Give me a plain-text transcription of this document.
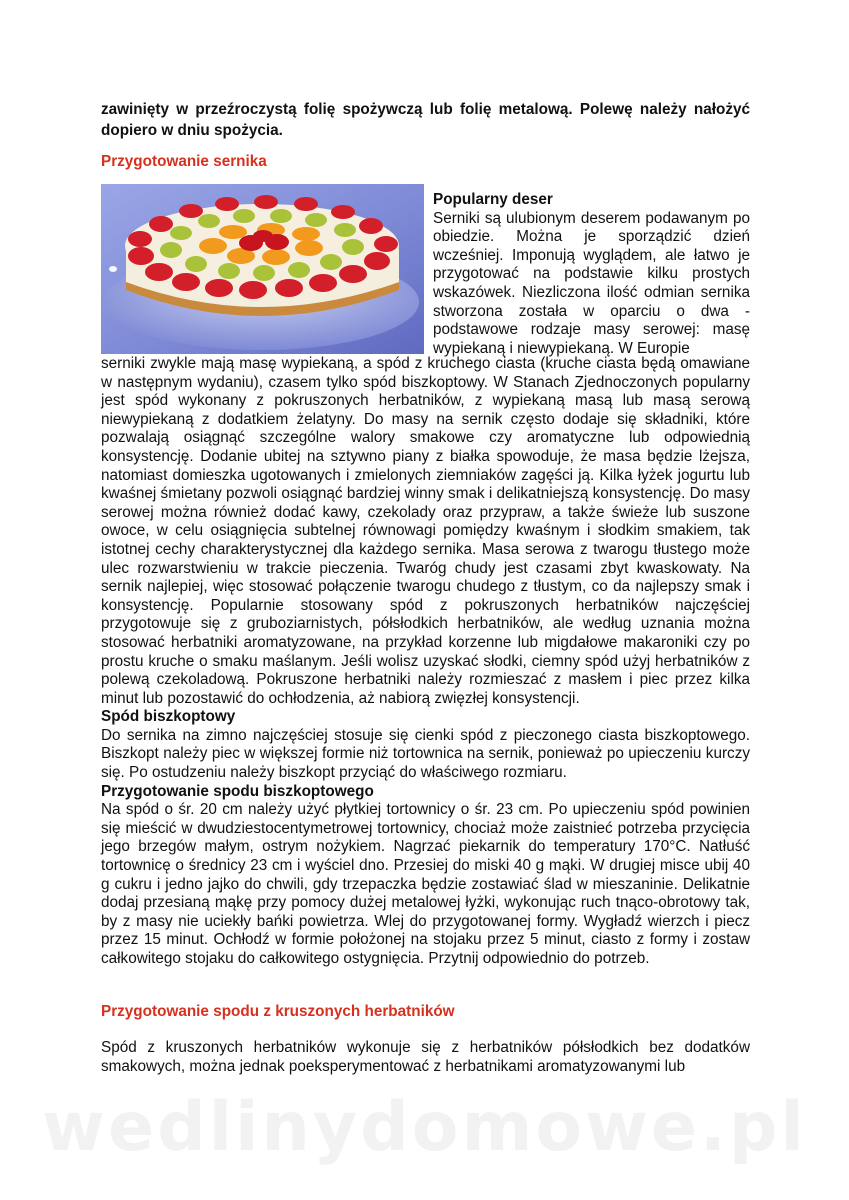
zawinięty w przeźroczystą folię spożywczą lub folię metalową. Polewę należy nałożyć dopiero w dniu spożycia.

Przygotowanie sernika

Popularny deser

Serniki są ulubionym deserem podawanym po obiedzie. Można je sporządzić dzień wcześniej. Imponują wyglądem, ale łatwo je przygotować na podstawie kilku prostych wskazówek. Niezliczona ilość odmian sernika stworzona została w oparciu o dwa - podstawowe rodzaje masy serowej: masę wypiekaną i niewypiekaną. W Europie

serniki zwykle mają masę wypiekaną, a spód z kruchego ciasta (kruche ciasta będą omawiane w następnym wydaniu), czasem tylko spód biszkoptowy. W Stanach Zjednoczonych popularny jest spód wykonany z pokruszonych herbatników, z wypiekaną masą lub masą serową niewypiekaną z dodatkiem żelatyny. Do masy na sernik często dodaje się składniki, które pozwalają osiągnąć szczególne walory smakowe czy aromatyczne lub odpowiednią konsystencję. Dodanie ubitej na sztywno piany z białka spowoduje, że masa będzie lżejsza, natomiast domieszka ugotowanych i zmielonych ziemniaków zagęści ją. Kilka łyżek jogurtu lub kwaśnej śmietany pozwoli osiągnąć bardziej winny smak i delikatniejszą konsystencję. Do masy serowej można również dodać kawy, czekolady oraz przypraw, a także świeże lub suszone owoce, w celu osiągnięcia subtelnej równowagi pomiędzy kwaśnym i słodkim smakiem, tak istotnej cechy charakterystycznej dla każdego sernika. Masa serowa z twarogu tłustego może ulec rozwarstwieniu w trakcie pieczenia. Twaróg chudy jest czasami zbyt kwaskowaty. Na sernik najlepiej, więc stosować połączenie twarogu chudego z tłustym, co da najlepszy smak i konsystencję. Popularnie stosowany spód z pokruszonych herbatników najczęściej przygotowuje się z gruboziarnistych, półsłodkich herbatników, ale według uznania można stosować herbatniki aromatyzowane, na przykład korzenne lub migdałowe makaroniki czy po prostu kruche o smaku maślanym. Jeśli wolisz uzyskać słodki, ciemny spód użyj herbatników z polewą czekoladową. Pokruszone herbatniki należy rozmieszać z masłem i piec przez kilka minut lub pozostawić do ochłodzenia, aż nabiorą zwięzłej konsystencji.

Spód biszkoptowy

Do sernika na zimno najczęściej stosuje się cienki spód z pieczonego ciasta biszkoptowego. Biszkopt należy piec w większej formie niż tortownica na sernik, ponieważ po upieczeniu kurczy się. Po ostudzeniu należy biszkopt przyciąć do właściwego rozmiaru.

Przygotowanie spodu biszkoptowego

Na spód o śr. 20 cm należy użyć płytkiej tortownicy o śr. 23 cm. Po upieczeniu spód powinien się mieścić w dwudziestocentymetrowej tortownicy, chociaż może zaistnieć potrzeba przycięcia jego brzegów małym, ostrym nożykiem. Nagrzać piekarnik do temperatury 170°C. Natłuść tortownicę o średnicy 23 cm i wyściel dno. Przesiej do miski 40 g mąki. W drugiej misce ubij 40 g cukru i jedno jajko do chwili, gdy trzepaczka będzie zostawiać ślad w mieszaninie. Delikatnie dodaj przesianą mąkę przy pomocy dużej metalowej łyżki, wykonując ruch tnąco-obrotowy tak, by z masy nie uciekły bańki powietrza. Wlej do przygotowanej formy. Wygładź wierzch i piecz przez 15 minut. Ochłodź w formie położonej na stojaku przez 5 minut, ciasto z formy i zostaw całkowitego stojaku do całkowitego ostygnięcia. Przytnij odpowiednio do potrzeb.

Przygotowanie spodu z kruszonych herbatników

Spód z kruszonych herbatników wykonuje się z herbatników półsłodkich bez dodatków smakowych, można jednak poeksperymentować z herbatnikami aromatyzowanymi lub

wedlinydomowe.pl
